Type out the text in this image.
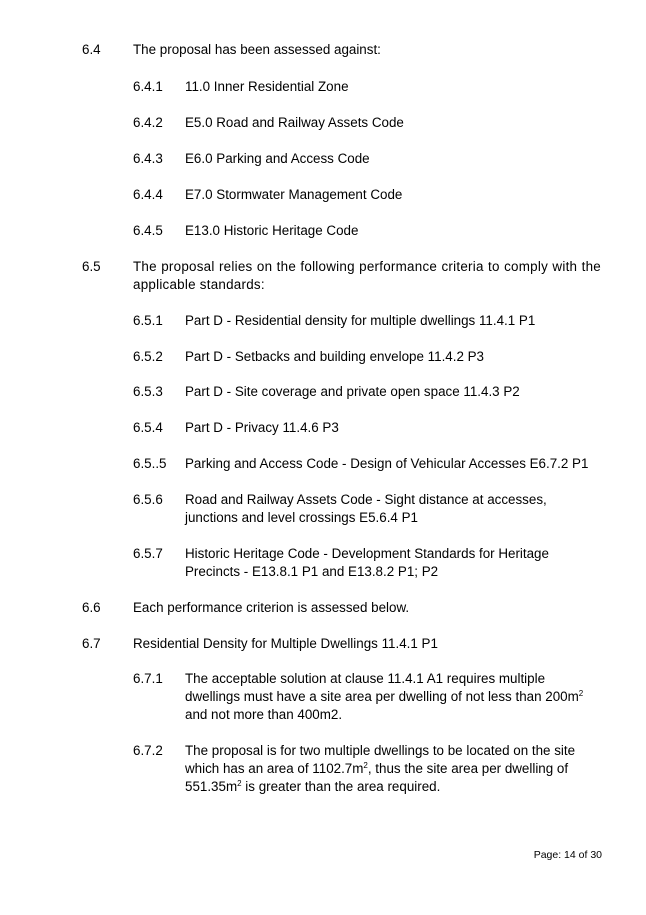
6.4 The proposal has been assessed against:
6.4.1 11.0 Inner Residential Zone
6.4.2 E5.0 Road and Railway Assets Code
6.4.3 E6.0 Parking and Access Code
6.4.4 E7.0 Stormwater Management Code
6.4.5 E13.0 Historic Heritage Code
6.5 The proposal relies on the following performance criteria to comply with the applicable standards:
6.5.1 Part D - Residential density for multiple dwellings 11.4.1 P1
6.5.2 Part D - Setbacks and building envelope 11.4.2 P3
6.5.3 Part D - Site coverage and private open space 11.4.3 P2
6.5.4 Part D - Privacy 11.4.6 P3
6.5..5 Parking and Access Code - Design of Vehicular Accesses E6.7.2 P1
6.5.6 Road and Railway Assets Code - Sight distance at accesses, junctions and level crossings E5.6.4 P1
6.5.7 Historic Heritage Code - Development Standards for Heritage Precincts - E13.8.1 P1 and E13.8.2 P1; P2
6.6 Each performance criterion is assessed below.
6.7 Residential Density for Multiple Dwellings 11.4.1 P1
6.7.1 The acceptable solution at clause 11.4.1 A1 requires multiple dwellings must have a site area per dwelling of not less than $200m^2$ and not more than 400m2.
6.7.2 The proposal is for two multiple dwellings to be located on the site which has an area of $1102.7m^2$, thus the site area per dwelling of $551.35m^2$ is greater than the area required.
Page: 14 of 30
